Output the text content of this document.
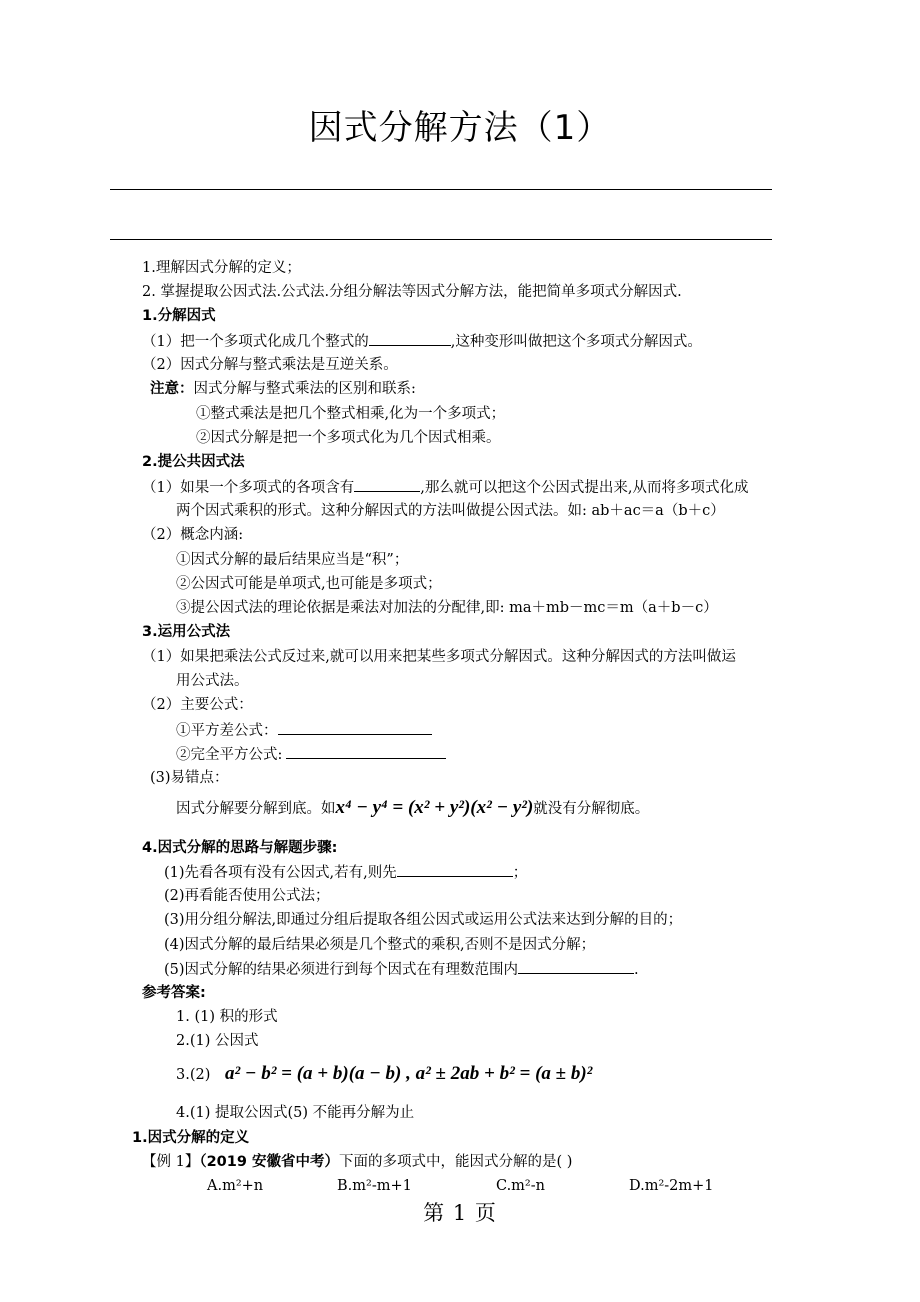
因式分解方法（1）
1.理解因式分解的定义；
2. 掌握提取公因式法.公式法.分组分解法等因式分解方法，能把简单多项式分解因式.
1.分解因式
（1）把一个多项式化成几个整式的	,这种变形叫做把这个多项式分解因式。
（2）因式分解与整式乘法是互逆关系。
注意：因式分解与整式乘法的区别和联系:
①整式乘法是把几个整式相乘,化为一个多项式；
②因式分解是把一个多项式化为几个因式相乘。
2.提公共因式法
（1）如果一个多项式的各项含有	,那么就可以把这个公因式提出来,从而将多项式化成
两个因式乘积的形式。这种分解因式的方法叫做提公因式法。如: ab＋ac＝a（b＋c）
（2）概念内涵:
①因式分解的最后结果应当是“积”；
②公因式可能是单项式,也可能是多项式；
③提公因式法的理论依据是乘法对加法的分配律,即: ma＋mb－mc＝m（a＋b－c）
3.运用公式法
（1）如果把乘法公式反过来,就可以用来把某些多项式分解因式。这种分解因式的方法叫做运
用公式法。
（2）主要公式：
①平方差公式：
②完全平方公式:
(3)易错点：
因式分解要分解到底。如x⁴ − y⁴ = (x² + y²)(x² − y²)就没有分解彻底。
4.因式分解的思路与解题步骤:
(1)先看各项有没有公因式,若有,则先	；
(2)再看能否使用公式法；
(3)用分组分解法,即通过分组后提取各组公因式或运用公式法来达到分解的目的；
(4)因式分解的最后结果必须是几个整式的乘积,否则不是因式分解；
(5)因式分解的结果必须进行到每个因式在有理数范围内	.
参考答案:
1. (1) 积的形式
2.(1) 公因式
3.(2) a² − b² = (a + b)(a − b) , a² ± 2ab + b² = (a ± b)²
4.(1) 提取公因式(5) 不能再分解为止
1.因式分解的定义
【例 1】（2019 安徽省中考）下面的多项式中，能因式分解的是( )
A.m²+n	B.m²-m+1	C.m²-n	D.m²-2m+1
第 1 页
